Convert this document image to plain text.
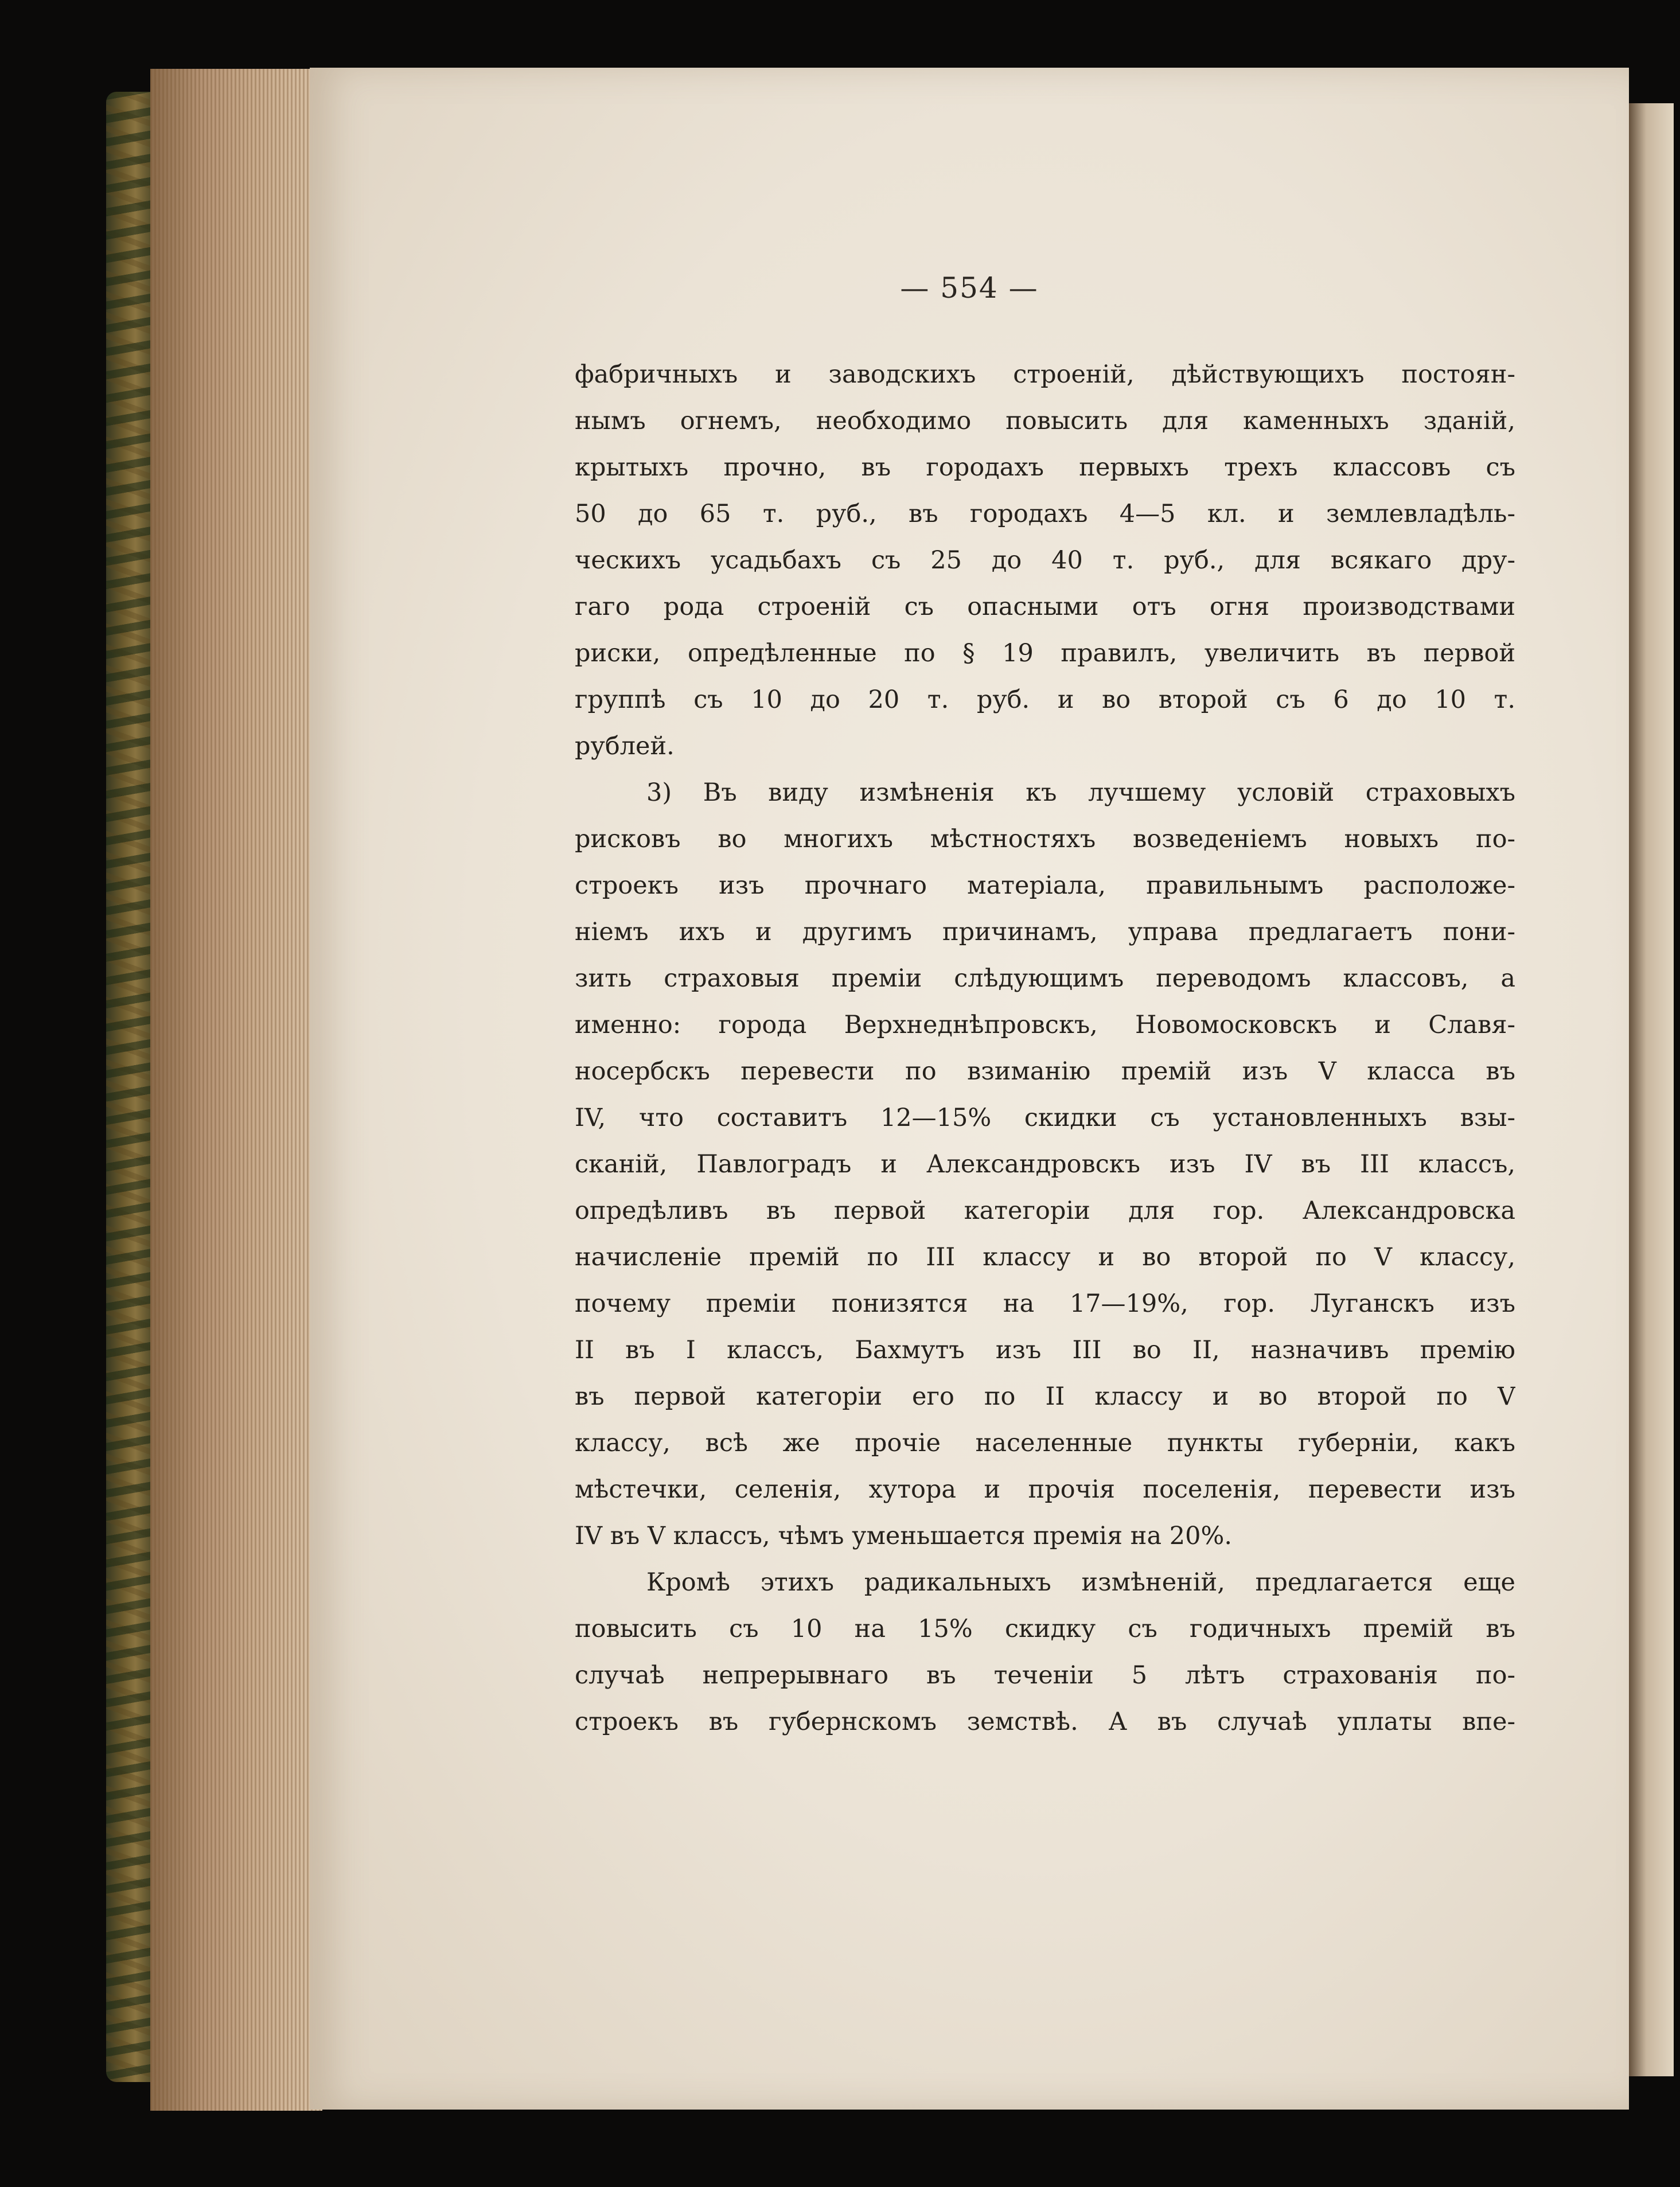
— 554 —
фабричныхъ и заводскихъ строеній, дѣйствующихъ постоян-
нымъ огнемъ, необходимо повысить для каменныхъ зданій,
крытыхъ прочно, въ городахъ первыхъ трехъ классовъ съ
50 до 65 т. руб., въ городахъ 4—5 кл. и землевладѣль-
ческихъ усадьбахъ съ 25 до 40 т. руб., для всякаго дру-
гаго рода строеній съ опасными отъ огня производствами
риски, опредѣленные по § 19 правилъ, увеличить въ первой
группѣ съ 10 до 20 т. руб. и во второй съ 6 до 10 т.
рублей.
3) Въ виду измѣненія къ лучшему условій страховыхъ
рисковъ во многихъ мѣстностяхъ возведеніемъ новыхъ по-
строекъ изъ прочнаго матеріала, правильнымъ расположе-
ніемъ ихъ и другимъ причинамъ, управа предлагаетъ пони-
зить страховыя преміи слѣдующимъ переводомъ классовъ, а
именно: города Верхнеднѣпровскъ, Новомосковскъ и Славя-
носербскъ перевести по взиманію премій изъ V класса въ
IV, что составитъ 12—15% скидки съ установленныхъ взы-
сканій, Павлоградъ и Александровскъ изъ IV въ III классъ,
опредѣливъ въ первой категоріи для гор. Александровска
начисленіе премій по III классу и во второй по V классу,
почему преміи понизятся на 17—19%, гор. Луганскъ изъ
II въ I классъ, Бахмутъ изъ III во II, назначивъ премію
въ первой категоріи его по II классу и во второй по V
классу, всѣ же прочіе населенные пункты губерніи, какъ
мѣстечки, селенія, хутора и прочія поселенія, перевести изъ
IV въ V классъ, чѣмъ уменьшается премія на 20%.
Кромѣ этихъ радикальныхъ измѣненій, предлагается еще
повысить съ 10 на 15% скидку съ годичныхъ премій въ
случаѣ непрерывнаго въ теченіи 5 лѣтъ страхованія по-
строекъ въ губернскомъ земствѣ. А въ случаѣ уплаты впе-
